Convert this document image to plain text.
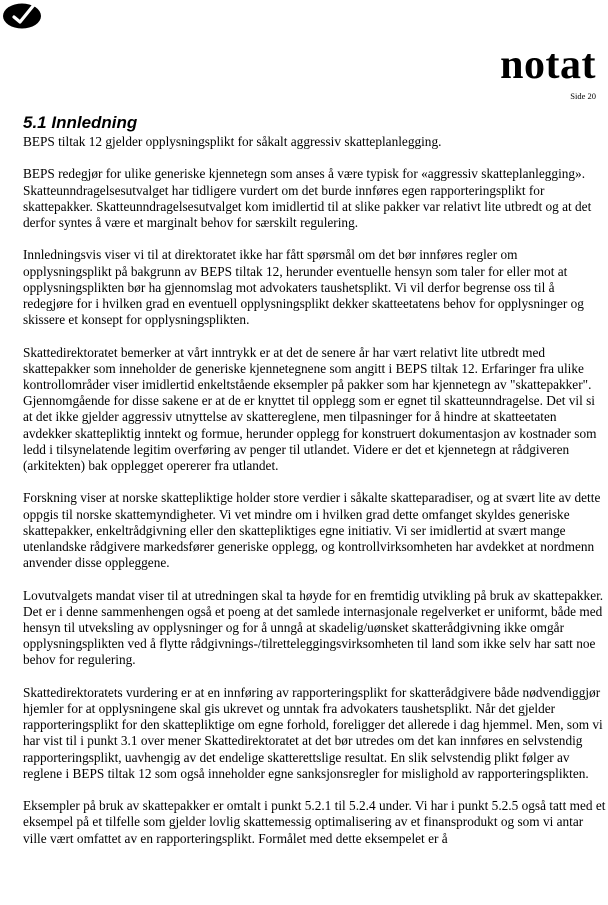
notat
Side 20
5.1 Innledning

BEPS tiltak 12 gjelder opplysningsplikt for såkalt aggressiv skatteplanlegging.

BEPS redegjør for ulike generiske kjennetegn som anses å være typisk for «aggressiv skatteplanlegging». Skatteunndragelsesutvalget har tidligere vurdert om det burde innføres egen rapporteringsplikt for skattepakker. Skatteunndragelsesutvalget kom imidlertid til at slike pakker var relativt lite utbredt og at det derfor syntes å være et marginalt behov for særskilt regulering.

Innledningsvis viser vi til at direktoratet ikke har fått spørsmål om det bør innføres regler om opplysningsplikt på bakgrunn av BEPS tiltak 12, herunder eventuelle hensyn som taler for eller mot at opplysningsplikten bør ha gjennomslag mot advokaters taushetsplikt. Vi vil derfor begrense oss til å redegjøre for i hvilken grad en eventuell opplysningsplikt dekker skatteetatens behov for opplysninger og skissere et konsept for opplysningsplikten.

Skattedirektoratet bemerker at vårt inntrykk er at det de senere år har vært relativt lite utbredt med skattepakker som inneholder de generiske kjennetegnene som angitt i BEPS tiltak 12. Erfaringer fra ulike kontrollområder viser imidlertid enkeltstående eksempler på pakker som har kjennetegn av "skattepakker". Gjennomgående for disse sakene er at de er knyttet til opplegg som er egnet til skatteunndragelse. Det vil si at det ikke gjelder aggressiv utnyttelse av skattereglene, men tilpasninger for å hindre at skatteetaten avdekker skattepliktig inntekt og formue, herunder opplegg for konstruert dokumentasjon av kostnader som ledd i tilsynelatende legitim overføring av penger til utlandet. Videre er det et kjennetegn at rådgiveren (arkitekten) bak opplegget opererer fra utlandet.

Forskning viser at norske skattepliktige holder store verdier i såkalte skatteparadiser, og at svært lite av dette oppgis til norske skattemyndigheter. Vi vet mindre om i hvilken grad dette omfanget skyldes generiske skattepakker, enkeltrådgivning eller den skattepliktiges egne initiativ. Vi ser imidlertid at svært mange utenlandske rådgivere markedsfører generiske opplegg, og kontrollvirksomheten har avdekket at nordmenn anvender disse oppleggene.

Lovutvalgets mandat viser til at utredningen skal ta høyde for en fremtidig utvikling på bruk av skattepakker. Det er i denne sammenhengen også et poeng at det samlede internasjonale regelverket er uniformt, både med hensyn til utveksling av opplysninger og for å unngå at skadelig/uønsket skatterådgivning ikke omgår opplysningsplikten ved å flytte rådgivnings-/tilretteleggingsvirksomheten til land som ikke selv har satt noe behov for regulering.

Skattedirektoratets vurdering er at en innføring av rapporteringsplikt for skatterådgivere både nødvendiggjør hjemler for at opplysningene skal gis ukrevet og unntak fra advokaters taushetsplikt. Når det gjelder rapporteringsplikt for den skattepliktige om egne forhold, foreligger det allerede i dag hjemmel. Men, som vi har vist til i punkt 3.1 over mener Skattedirektoratet at det bør utredes om det kan innføres en selvstendig rapporteringsplikt, uavhengig av det endelige skatterettslige resultat. En slik selvstendig plikt følger av reglene i BEPS tiltak 12 som også inneholder egne sanksjonsregler for mislighold av rapporteringsplikten.

Eksempler på bruk av skattepakker er omtalt i punkt 5.2.1 til 5.2.4 under. Vi har i punkt 5.2.5 også tatt med et eksempel på et tilfelle som gjelder lovlig skattemessig optimalisering av et finansprodukt og som vi antar ville vært omfattet av en rapporteringsplikt. Formålet med dette eksempelet er å
